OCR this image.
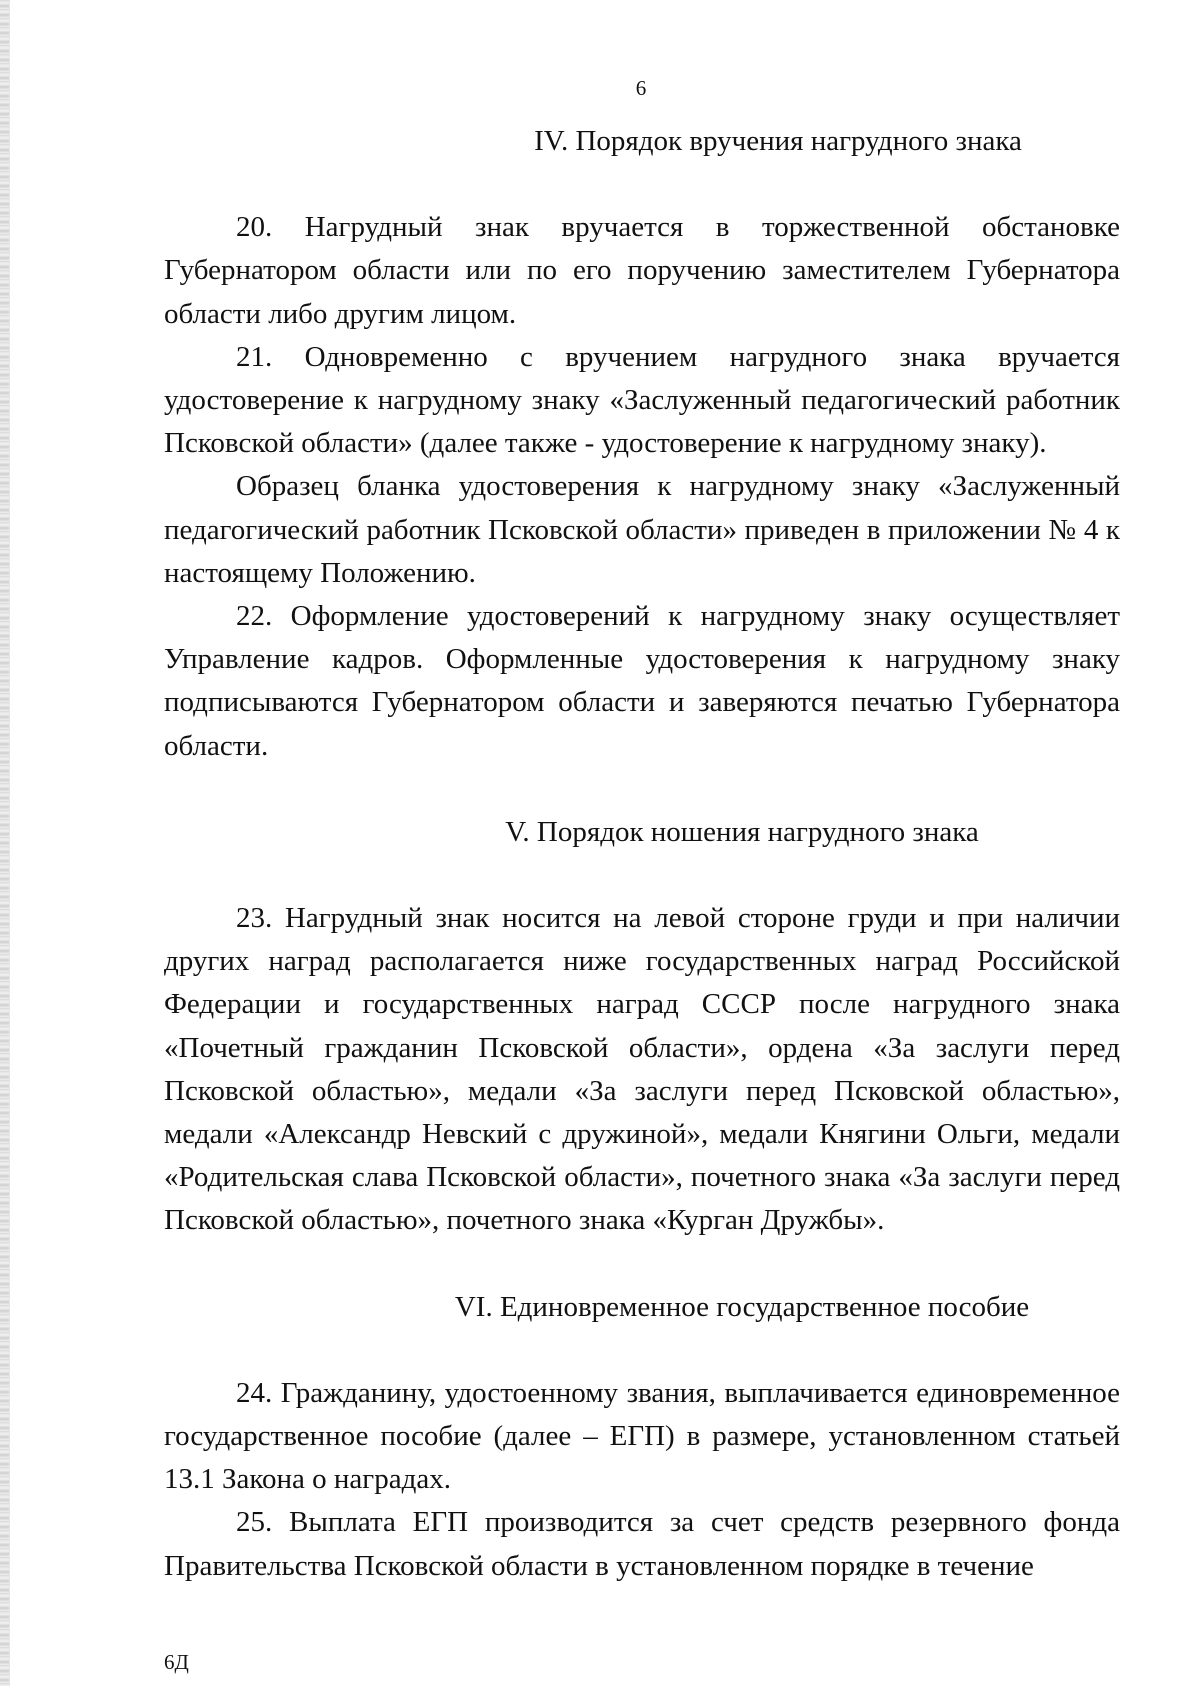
6
IV. Порядок вручения нагрудного знака

20. Нагрудный знак вручается в торжественной обстановке Губернатором области или по его поручению заместителем Губернатора области либо другим лицом.

21. Одновременно с вручением нагрудного знака вручается удостоверение к нагрудному знаку «Заслуженный педагогический работник Псковской области» (далее также - удостоверение к нагрудному знаку).

Образец бланка удостоверения к нагрудному знаку «Заслуженный педагогический работник Псковской области» приведен в приложении № 4 к настоящему Положению.

22. Оформление удостоверений к нагрудному знаку осуществляет Управление кадров. Оформленные удостоверения к нагрудному знаку подписываются Губернатором области и заверяются печатью Губернатора области.

V. Порядок ношения нагрудного знака

23. Нагрудный знак носится на левой стороне груди и при наличии других наград располагается ниже государственных наград Российской Федерации и государственных наград СССР после нагрудного знака «Почетный гражданин Псковской области», ордена «За заслуги перед Псковской областью», медали «За заслуги перед Псковской областью», медали «Александр Невский с дружиной», медали Княгини Ольги, медали «Родительская слава Псковской области», почетного знака «За заслуги перед Псковской областью», почетного знака «Курган Дружбы».

VI. Единовременное государственное пособие

24. Гражданину, удостоенному звания, выплачивается единовременное государственное пособие (далее – ЕГП) в размере, установленном статьей 13.1 Закона о наградах.

25. Выплата ЕГП производится за счет средств резервного фонда Правительства Псковской области в установленном порядке в течение

6Д
